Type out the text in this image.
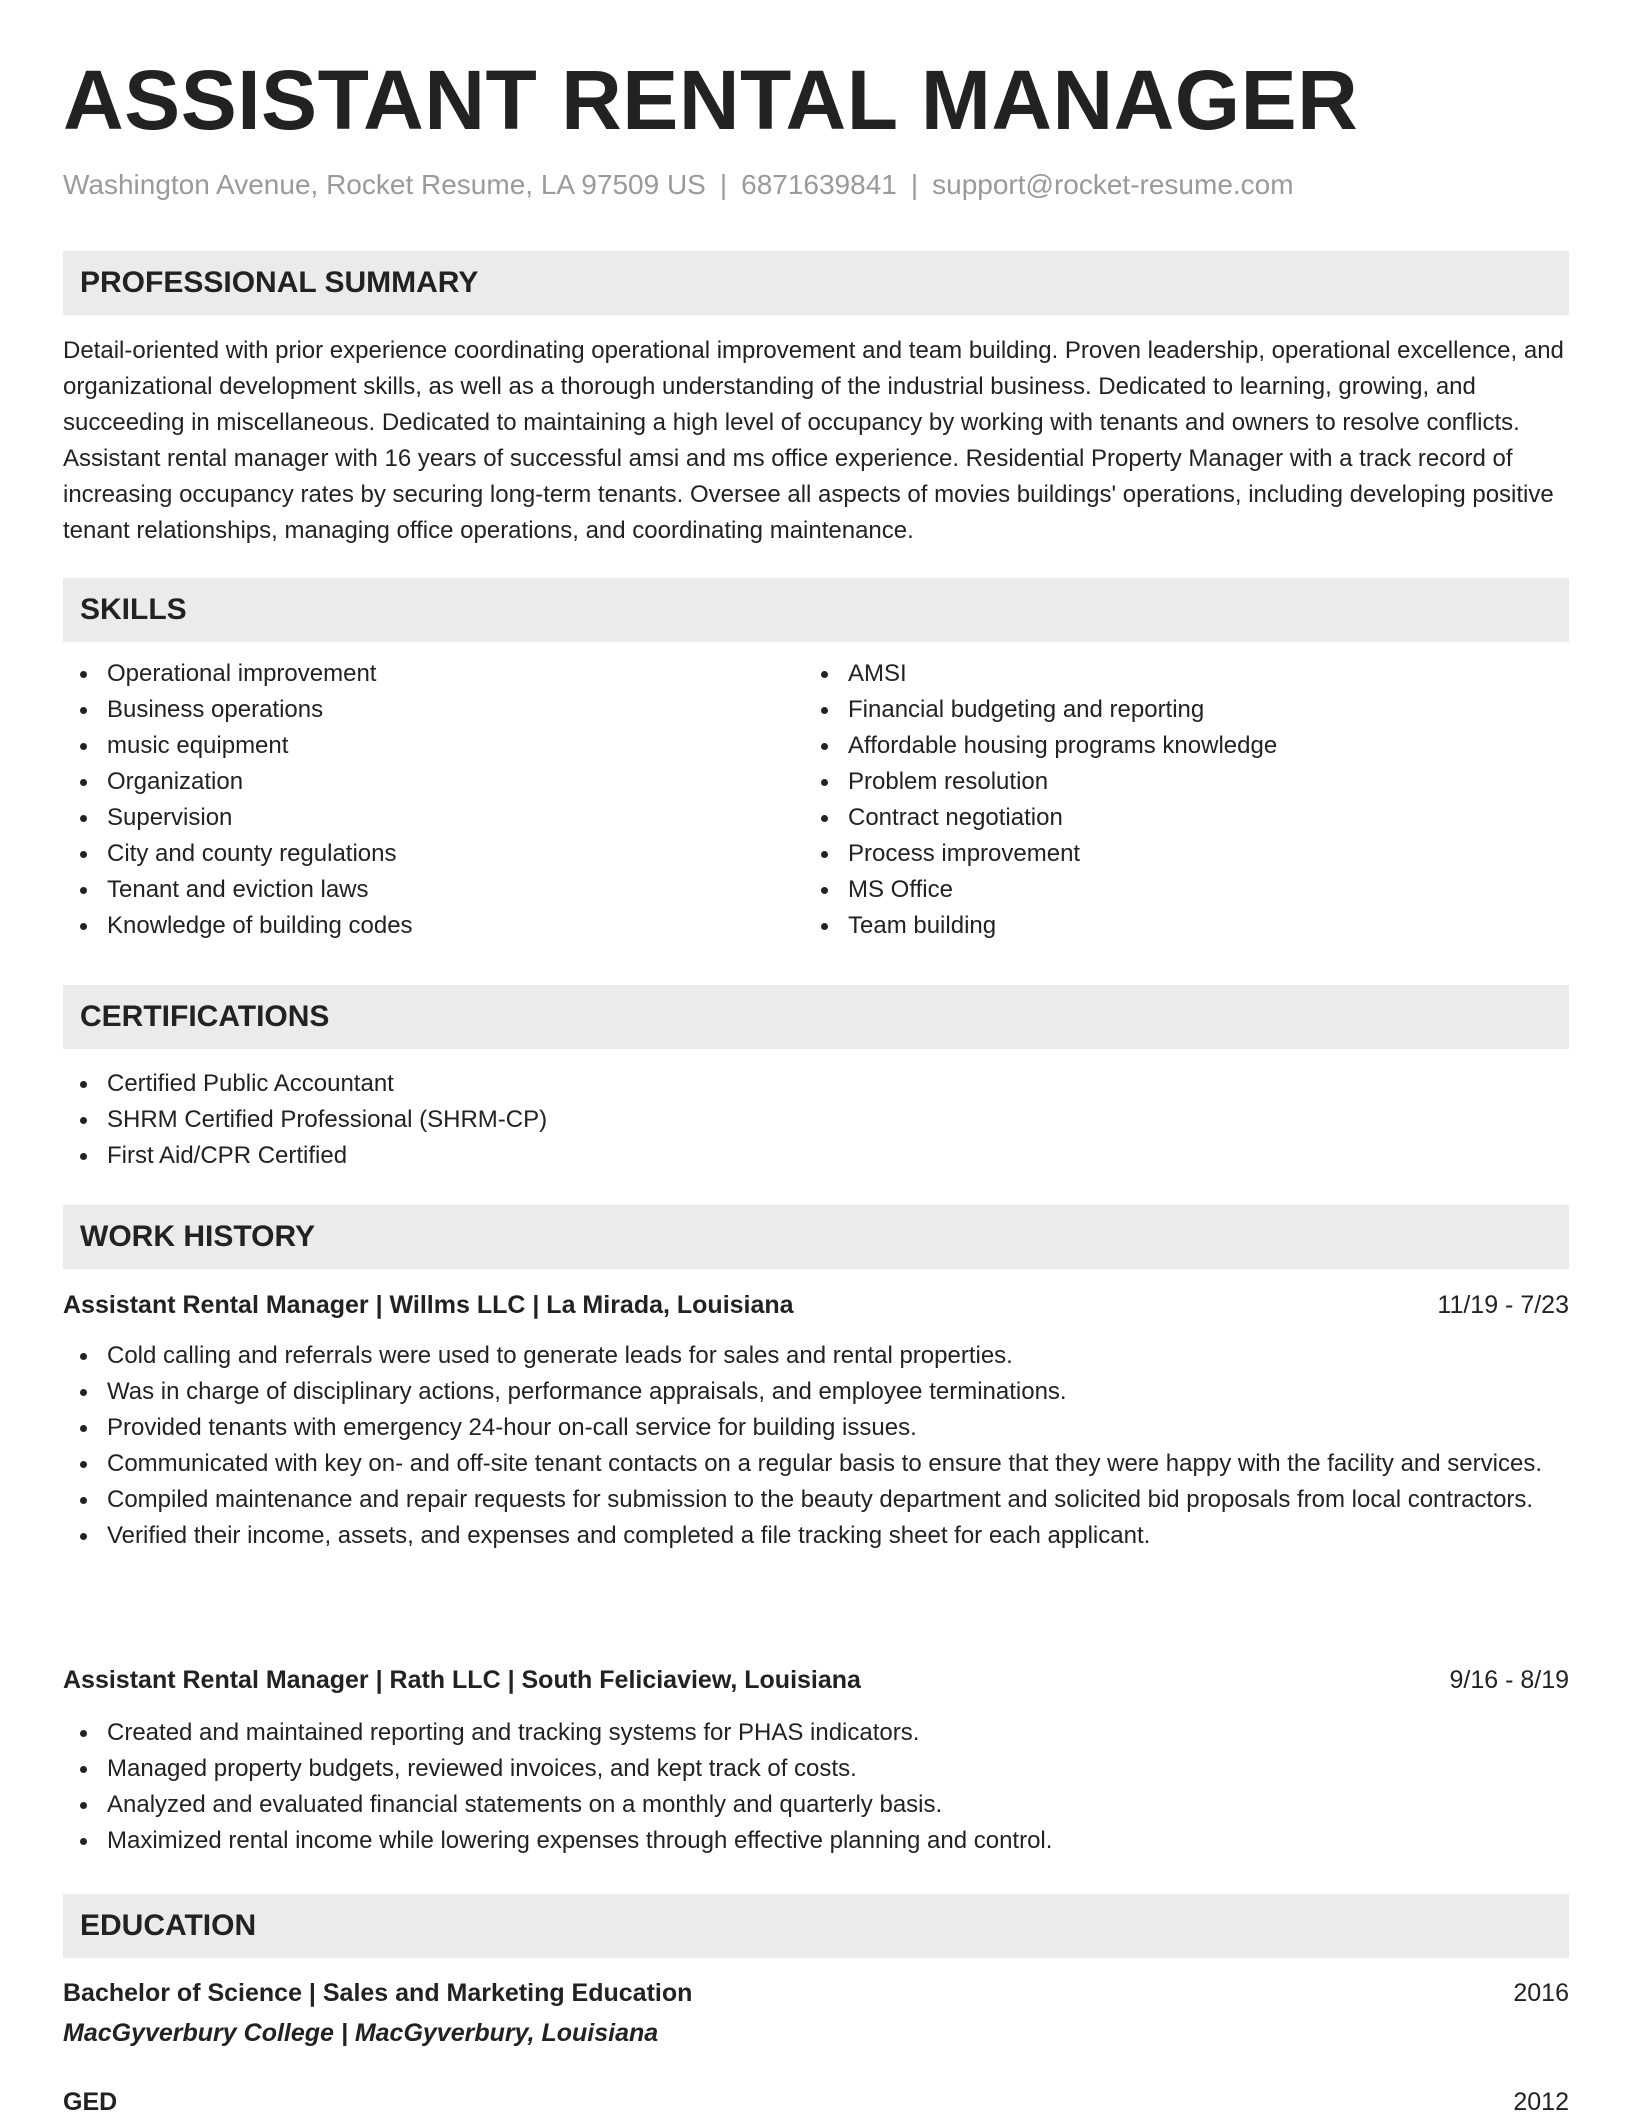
ASSISTANT RENTAL MANAGER
Washington Avenue, Rocket Resume, LA 97509 US | 6871639841 | support@rocket-resume.com
PROFESSIONAL SUMMARY

Detail-oriented with prior experience coordinating operational improvement and team building. Proven leadership, operational excellence, and organizational development skills, as well as a thorough understanding of the industrial business. Dedicated to learning, growing, and succeeding in miscellaneous. Dedicated to maintaining a high level of occupancy by working with tenants and owners to resolve conflicts. Assistant rental manager with 16 years of successful amsi and ms office experience. Residential Property Manager with a track record of increasing occupancy rates by securing long-term tenants. Oversee all aspects of movies buildings' operations, including developing positive tenant relationships, managing office operations, and coordinating maintenance.

SKILLS
Operational improvement
Business operations
music equipment
Organization
Supervision
City and county regulations
Tenant and eviction laws
Knowledge of building codes
AMSI
Financial budgeting and reporting
Affordable housing programs knowledge
Problem resolution
Contract negotiation
Process improvement
MS Office
Team building
CERTIFICATIONS
Certified Public Accountant
SHRM Certified Professional (SHRM-CP)
First Aid/CPR Certified
WORK HISTORY
Assistant Rental Manager | Willms LLC | La Mirada, Louisiana	11/19 - 7/23
Cold calling and referrals were used to generate leads for sales and rental properties.
Was in charge of disciplinary actions, performance appraisals, and employee terminations.
Provided tenants with emergency 24-hour on-call service for building issues.
Communicated with key on- and off-site tenant contacts on a regular basis to ensure that they were happy with the facility and services.
Compiled maintenance and repair requests for submission to the beauty department and solicited bid proposals from local contractors.
Verified their income, assets, and expenses and completed a file tracking sheet for each applicant.
Assistant Rental Manager | Rath LLC | South Feliciaview, Louisiana	9/16 - 8/19
Created and maintained reporting and tracking systems for PHAS indicators.
Managed property budgets, reviewed invoices, and kept track of costs.
Analyzed and evaluated financial statements on a monthly and quarterly basis.
Maximized rental income while lowering expenses through effective planning and control.
EDUCATION
Bachelor of Science | Sales and Marketing Education	2016
MacGyverbury College | MacGyverbury, Louisiana
GED	2012
